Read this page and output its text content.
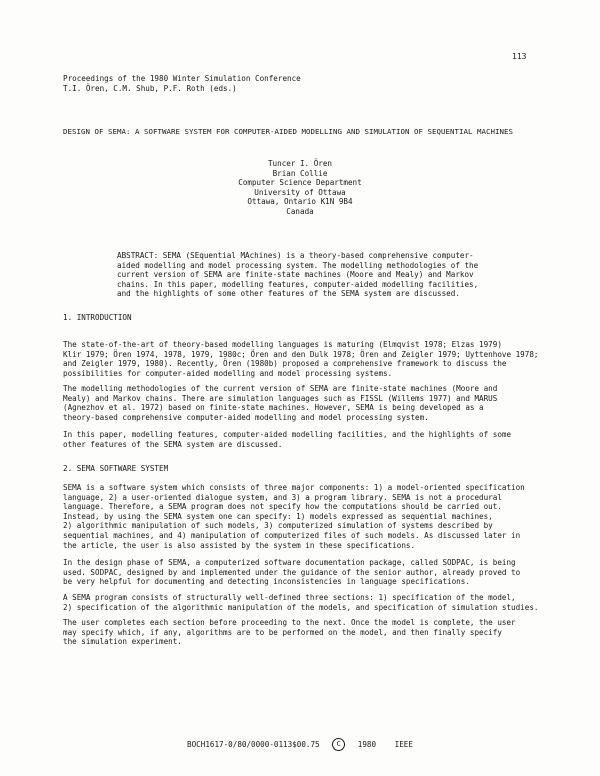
113
Proceedings of the 1980 Winter Simulation Conference
T.I. Ören, C.M. Shub, P.F. Roth (eds.)
DESIGN OF SEMA: A SOFTWARE SYSTEM FOR COMPUTER-AIDED MODELLING AND SIMULATION OF SEQUENTIAL MACHINES
Tuncer I. Ören
Brian Collie
Computer Science Department
University of Ottawa
Ottawa, Ontario K1N 9B4
Canada
ABSTRACT: SEMA (SEquential MAchines) is a theory-based comprehensive computer-
aided modelling and model processing system. The modelling methodologies of the
current version of SEMA are finite-state machines (Moore and Mealy) and Markov
chains. In this paper, modelling features, computer-aided modelling facilities,
and the highlights of some other features of the SEMA system are discussed.
1. INTRODUCTION
The state-of-the-art of theory-based modelling languages is maturing (Elmqvist 1978; Elzas 1979)
Klir 1979; Ören 1974, 1978, 1979, 1980c; Ören and den Dulk 1978; Ören and Zeigler 1979; Uyttenhove 1978;
and Zeigler 1979, 1980). Recently, Ören (1980b) proposed a comprehensive framework to discuss the
possibilities for computer-aided modelling and model processing systems.
The modelling methodologies of the current version of SEMA are finite-state machines (Moore and
Mealy) and Markov chains. There are simulation languages such as FISSL (Willems 1977) and MARUS
(Agnezhov et al. 1972) based on finite-state machines. However, SEMA is being developed as a
theory-based comprehensive computer-aided modelling and model processing system.
In this paper, modelling features, computer-aided modelling facilities, and the highlights of some
other features of the SEMA system are discussed.
2. SEMA SOFTWARE SYSTEM
SEMA is a software system which consists of three major components: 1) a model-oriented specification
language, 2) a user-oriented dialogue system, and 3) a program library. SEMA is not a procedural
language. Therefore, a SEMA program does not specify how the computations should be carried out.
Instead, by using the SEMA system one can specify: 1) models expressed as sequential machines,
2) algorithmic manipulation of such models, 3) computerized simulation of systems described by
sequential machines, and 4) manipulation of computerized files of such models. As discussed later in
the article, the user is also assisted by the system in these specifications.
In the design phase of SEMA, a computerized software documentation package, called SODPAC, is being
used. SODPAC, designed by and implemented under the guidance of the senior author, already proved to
be very helpful for documenting and detecting inconsistencies in language specifications.
A SEMA program consists of structurally well-defined three sections: 1) specification of the model,
2) specification of the algorithmic manipulation of the models, and specification of simulation studies.
The user completes each section before proceeding to the next. Once the model is complete, the user
may specify which, if any, algorithms are to be performed on the model, and then finally specify
the simulation experiment.
BOCH1617-0/80/0000-0113$00.75 C 1980 IEEE
